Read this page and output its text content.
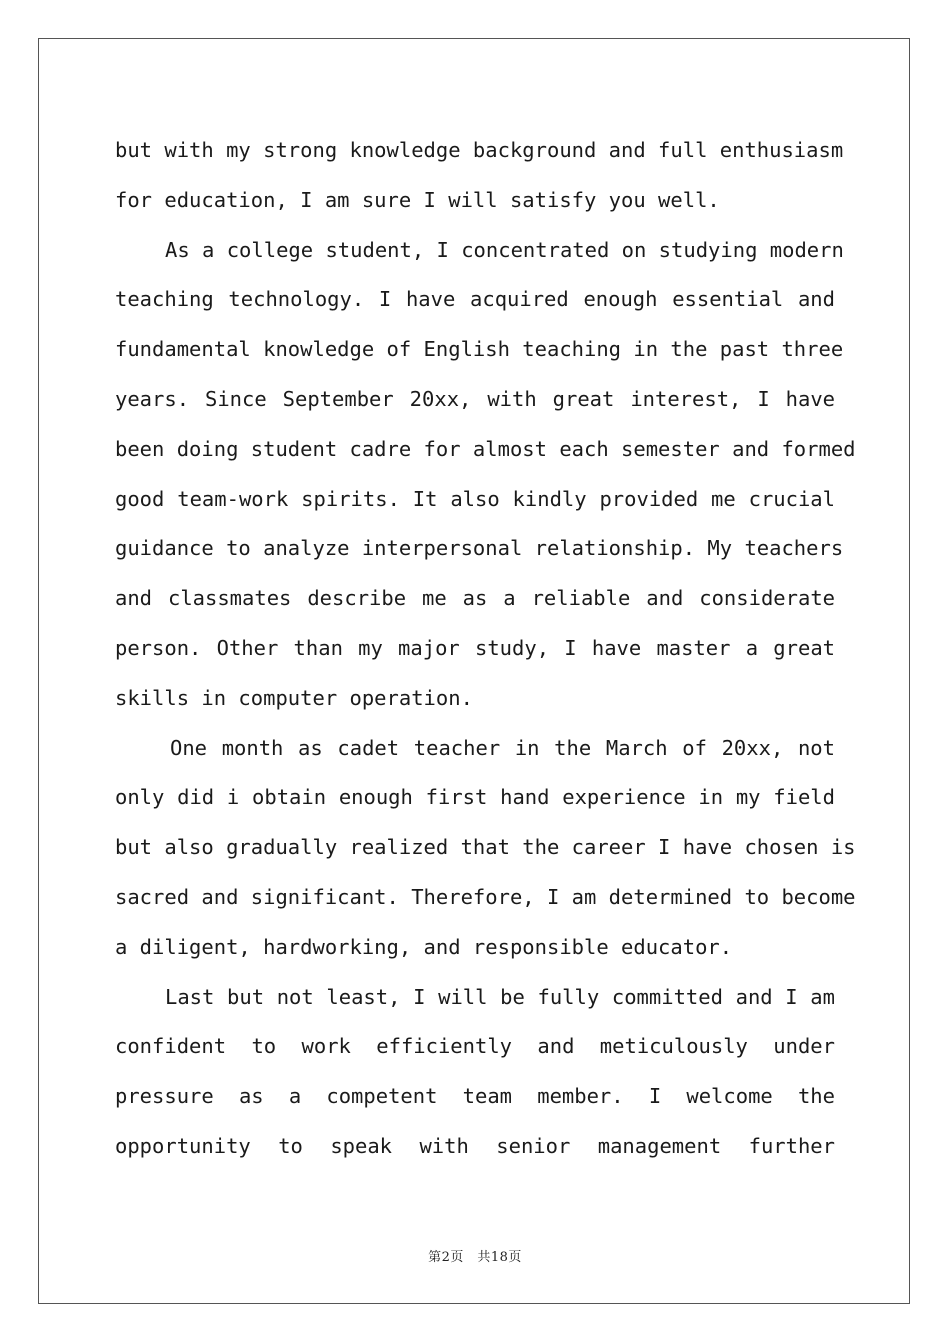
but with my strong knowledge background and full enthusiasm
for education, I am sure I will satisfy you well.
As a college student, I concentrated on studying modern
teaching technology. I have acquired enough essential and
fundamental knowledge of English teaching in the past three
years. Since September 20xx, with great interest, I have
been doing student cadre for almost each semester and formed
good team-work spirits. It also kindly provided me crucial
guidance to analyze interpersonal relationship. My teachers
and classmates describe me as a reliable and considerate
person. Other than my major study, I have master a great
skills in computer operation.
One month as cadet teacher in the March of 20xx, not
only did i obtain enough first hand experience in my field
but also gradually realized that the career I have chosen is
sacred and significant. Therefore, I am determined to become
a diligent, hardworking, and responsible educator.
Last but not least, I will be fully committed and I am
confident to work efficiently and meticulously under
pressure as a competent team member. I welcome the
opportunity to speak with senior management further
第2页　共18页
